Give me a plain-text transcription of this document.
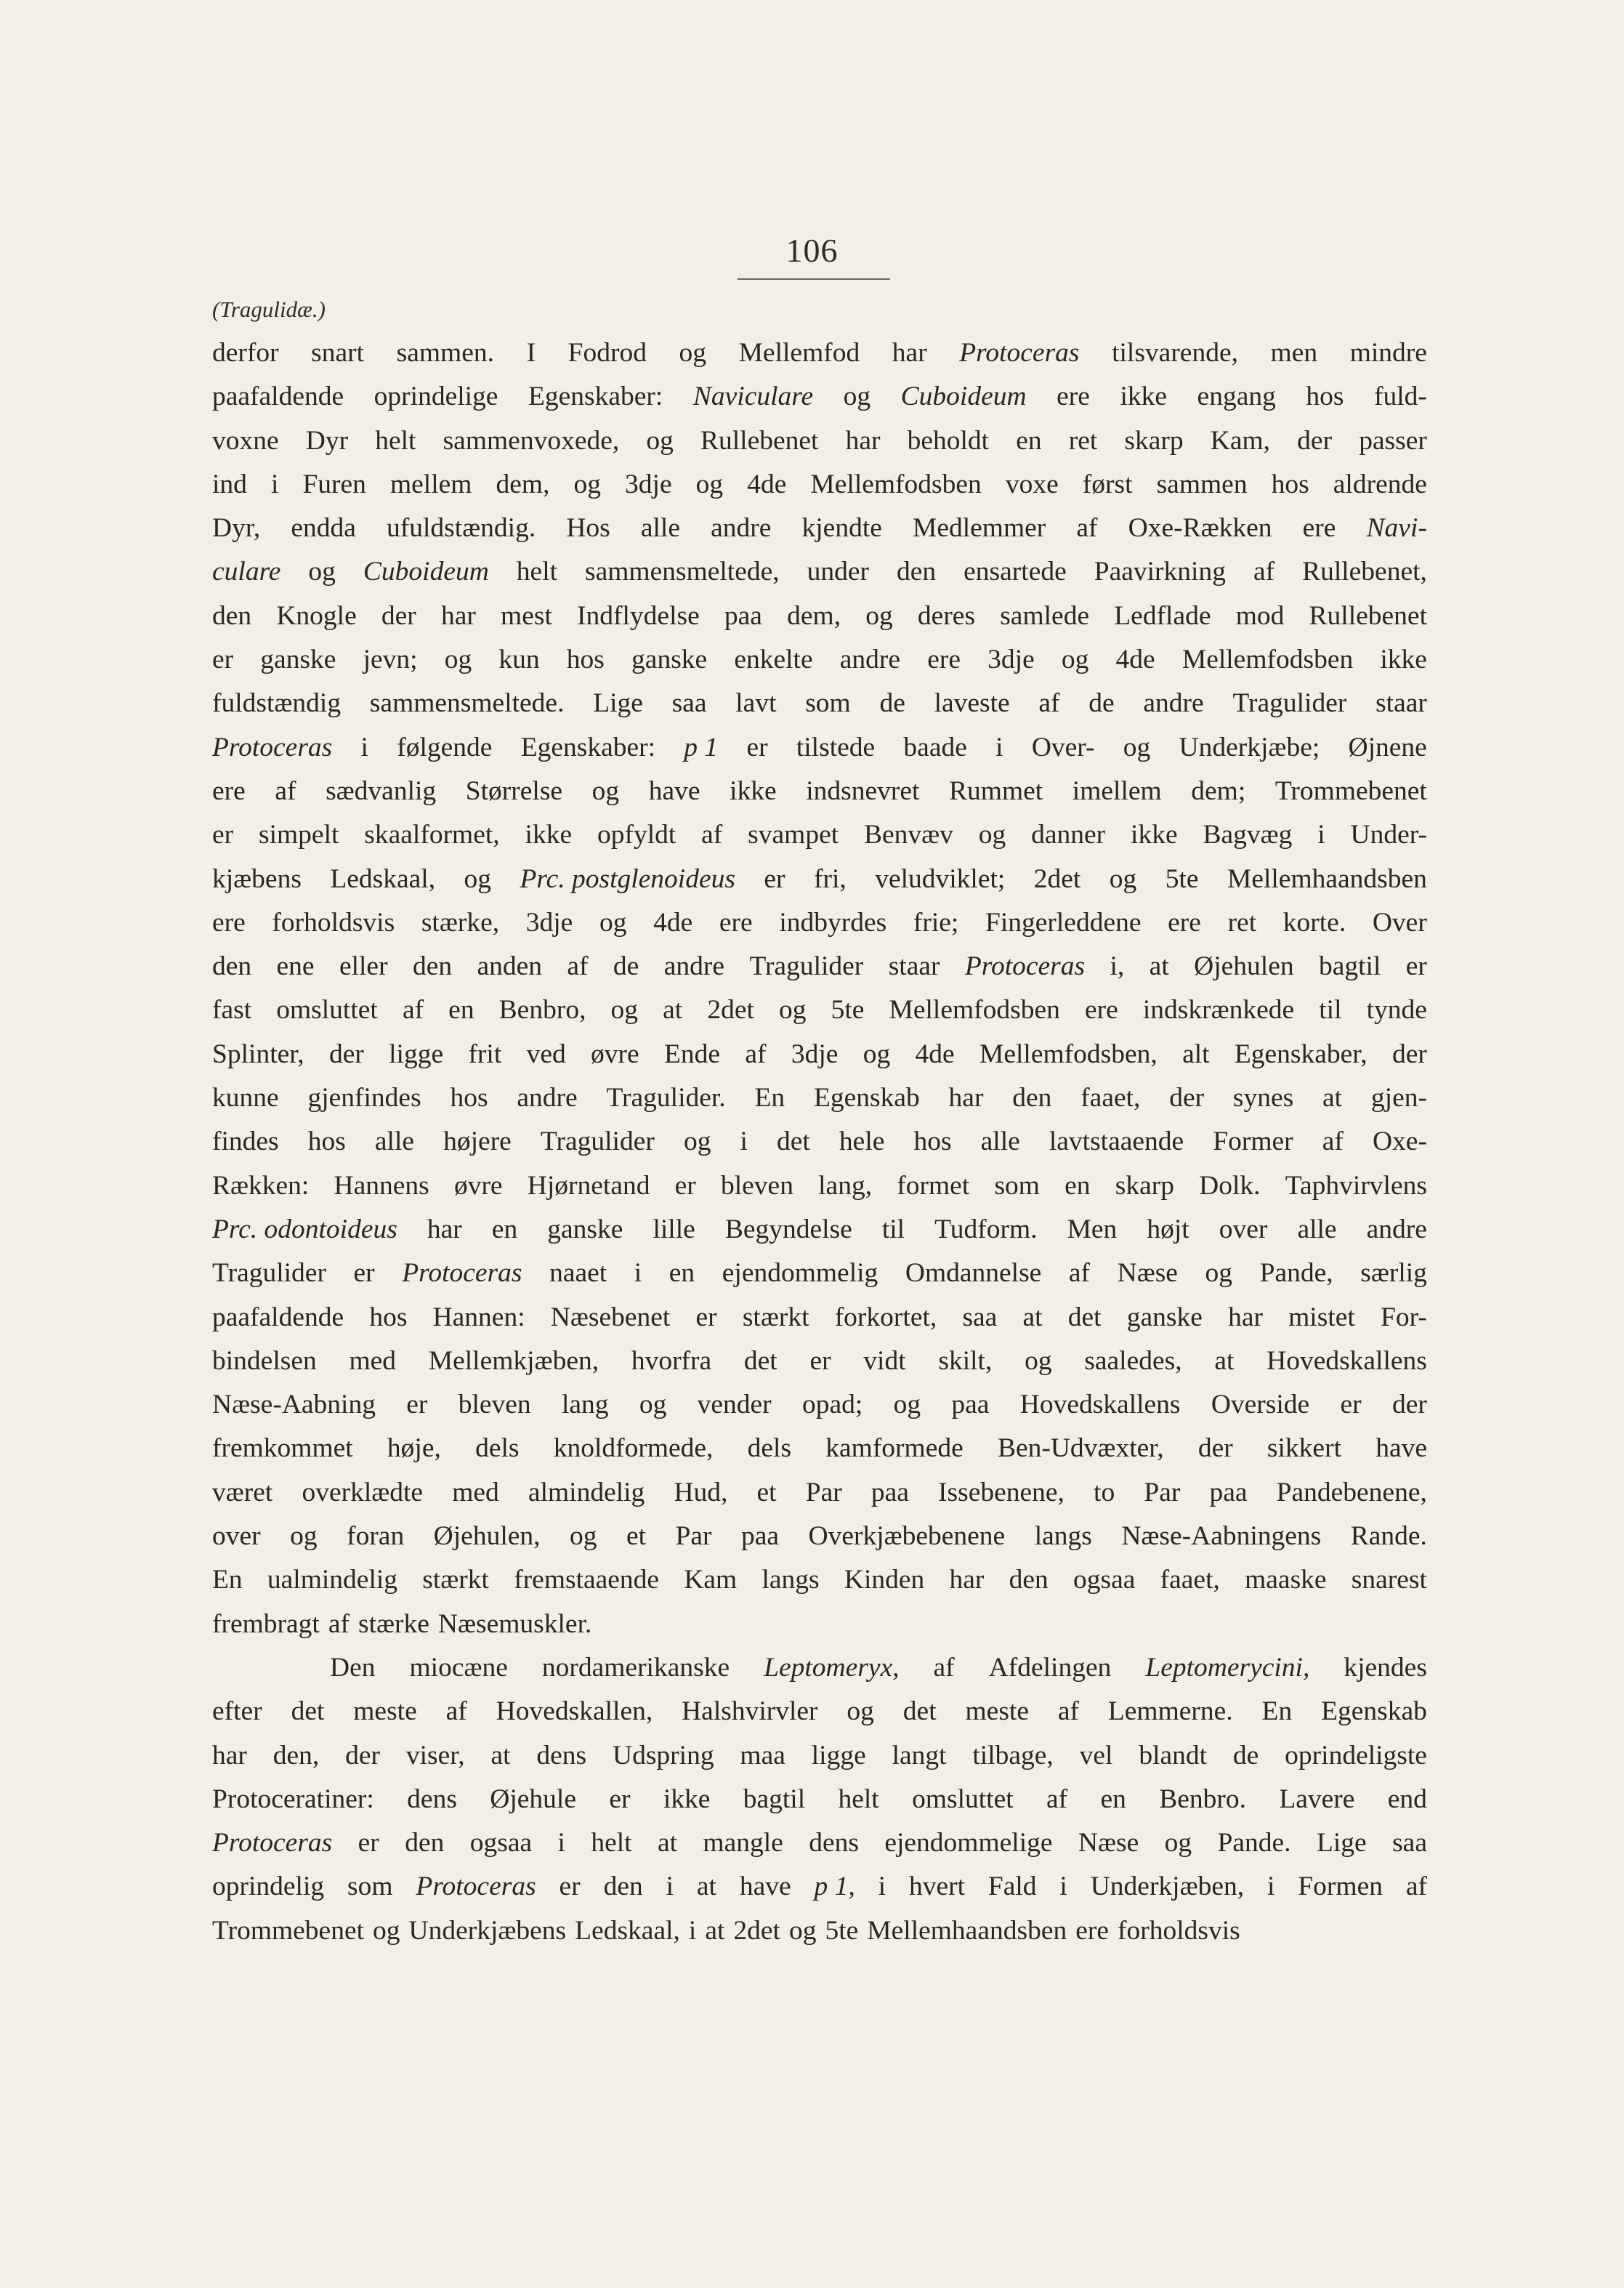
106
(Tragulidæ.)
derfor snart sammen. I Fodrod og Mellemfod har Protoceras tilsvarende, men mindre
paafaldende oprindelige Egenskaber: Naviculare og Cuboideum ere ikke engang hos fuld-
voxne Dyr helt sammenvoxede, og Rullebenet har beholdt en ret skarp Kam, der passer
ind i Furen mellem dem, og 3dje og 4de Mellemfodsben voxe først sammen hos aldrende
Dyr, endda ufuldstændig. Hos alle andre kjendte Medlemmer af Oxe-Rækken ere Navi-
culare og Cuboideum helt sammensmeltede, under den ensartede Paavirkning af Rullebenet,
den Knogle der har mest Indflydelse paa dem, og deres samlede Ledflade mod Rullebenet
er ganske jevn; og kun hos ganske enkelte andre ere 3dje og 4de Mellemfodsben ikke
fuldstændig sammensmeltede. Lige saa lavt som de laveste af de andre Tragulider staar
Protoceras i følgende Egenskaber: p 1 er tilstede baade i Over- og Underkjæbe; Øjnene
ere af sædvanlig Størrelse og have ikke indsnevret Rummet imellem dem; Trommebenet
er simpelt skaalformet, ikke opfyldt af svampet Benvæv og danner ikke Bagvæg i Under-
kjæbens Ledskaal, og Prc. postglenoideus er fri, veludviklet; 2det og 5te Mellemhaandsben
ere forholdsvis stærke, 3dje og 4de ere indbyrdes frie; Fingerleddene ere ret korte. Over
den ene eller den anden af de andre Tragulider staar Protoceras i, at Øjehulen bagtil er
fast omsluttet af en Benbro, og at 2det og 5te Mellemfodsben ere indskrænkede til tynde
Splinter, der ligge frit ved øvre Ende af 3dje og 4de Mellemfodsben, alt Egenskaber, der
kunne gjenfindes hos andre Tragulider. En Egenskab har den faaet, der synes at gjen-
findes hos alle højere Tragulider og i det hele hos alle lavtstaaende Former af Oxe-
Rækken: Hannens øvre Hjørnetand er bleven lang, formet som en skarp Dolk. Taphvirvlens
Prc. odontoideus har en ganske lille Begyndelse til Tudform. Men højt over alle andre
Tragulider er Protoceras naaet i en ejendommelig Omdannelse af Næse og Pande, særlig
paafaldende hos Hannen: Næsebenet er stærkt forkortet, saa at det ganske har mistet For-
bindelsen med Mellemkjæben, hvorfra det er vidt skilt, og saaledes, at Hovedskallens
Næse-Aabning er bleven lang og vender opad; og paa Hovedskallens Overside er der
fremkommet høje, dels knoldformede, dels kamformede Ben-Udvæxter, der sikkert have
været overklædte med almindelig Hud, et Par paa Issebenene, to Par paa Pandebenene,
over og foran Øjehulen, og et Par paa Overkjæbebenene langs Næse-Aabningens Rande.
En ualmindelig stærkt fremstaaende Kam langs Kinden har den ogsaa faaet, maaske snarest
frembragt af stærke Næsemuskler.
Den miocæne nordamerikanske Leptomeryx, af Afdelingen Leptomerycini, kjendes
efter det meste af Hovedskallen, Halshvirvler og det meste af Lemmerne. En Egenskab
har den, der viser, at dens Udspring maa ligge langt tilbage, vel blandt de oprindeligste
Protoceratiner: dens Øjehule er ikke bagtil helt omsluttet af en Benbro. Lavere end
Protoceras er den ogsaa i helt at mangle dens ejendommelige Næse og Pande. Lige saa
oprindelig som Protoceras er den i at have p 1, i hvert Fald i Underkjæben, i Formen af
Trommebenet og Underkjæbens Ledskaal, i at 2det og 5te Mellemhaandsben ere forholdsvis
